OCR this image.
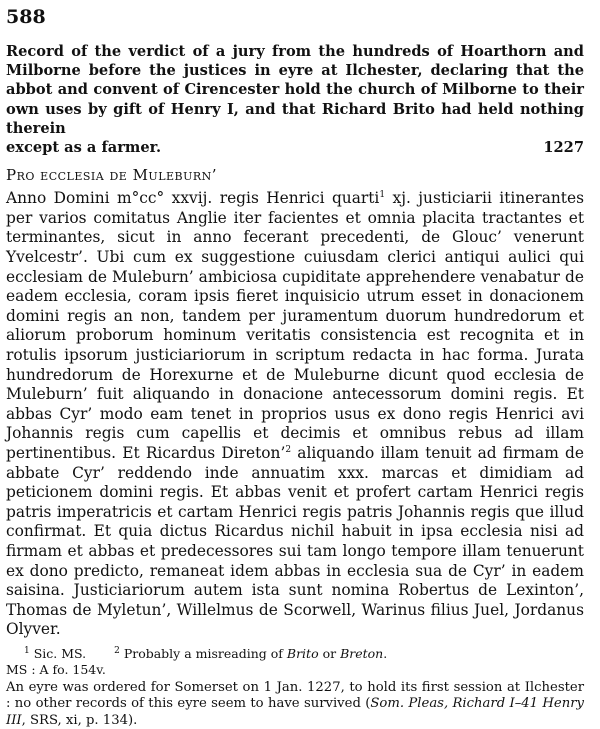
588

Record of the verdict of a jury from the hundreds of Hoarthorn and Milborne before the justices in eyre at Ilchester, declaring that the abbot and convent of Cirencester hold the church of Milborne to their own uses by gift of Henry I, and that Richard Brito had held nothing therein
except as a farmer.	1227

Pro ecclesia de Muleburn’

Anno Domini m°cc° xxvij. regis Henrici quarti$^1$ xj. justiciarii itinerantes per varios comitatus Anglie iter facientes et omnia placita tractantes et terminantes, sicut in anno fecerant precedenti, de Glouc’ venerunt Yvelcestr’. Ubi cum ex suggestione cuiusdam clerici antiqui aulici qui ecclesiam de Muleburn’ ambiciosa cupiditate apprehendere venabatur de eadem ecclesia, coram ipsis fieret inquisicio utrum esset in donacionem domini regis an non, tandem per juramentum duorum hundredorum et aliorum proborum hominum veritatis consistencia est recognita et in rotulis ipsorum justiciariorum in scriptum redacta in hac forma. Jurata hundredorum de Horexurne et de Muleburne dicunt quod ecclesia de Muleburn’ fuit aliquando in donacione antecessorum domini regis. Et abbas Cyr’ modo eam tenet in proprios usus ex dono regis Henrici avi Johannis regis cum capellis et decimis et omnibus rebus ad illam pertinentibus. Et Ricardus Direton’$^2$ aliquando illam tenuit ad firmam de abbate Cyr’ reddendo inde annuatim xxx. marcas et dimidiam ad peticionem domini regis. Et abbas venit et profert cartam Henrici regis patris imperatricis et cartam Henrici regis patris Johannis regis que illud confirmat. Et quia dictus Ricardus nichil habuit in ipsa ecclesia nisi ad firmam et abbas et predecessores sui tam longo tempore illam tenuerunt ex dono predicto, remaneat idem abbas in ecclesia sua de Cyr’ in eadem saisina. Justiciariorum autem ista sunt nomina Robertus de Lexinton’, Thomas de Myletun’, Willelmus de Scorwell, Warinus filius Juel, Jordanus Olyver.

$^1$ Sic. MS.	$^2$ Probably a misreading of Brito or Breton.

MS : A fo. 154v.

An eyre was ordered for Somerset on 1 Jan. 1227, to hold its first session at Ilchester : no other records of this eyre seem to have survived (Som. Pleas, Richard I–41 Henry III, SRS, xi, p. 134).
